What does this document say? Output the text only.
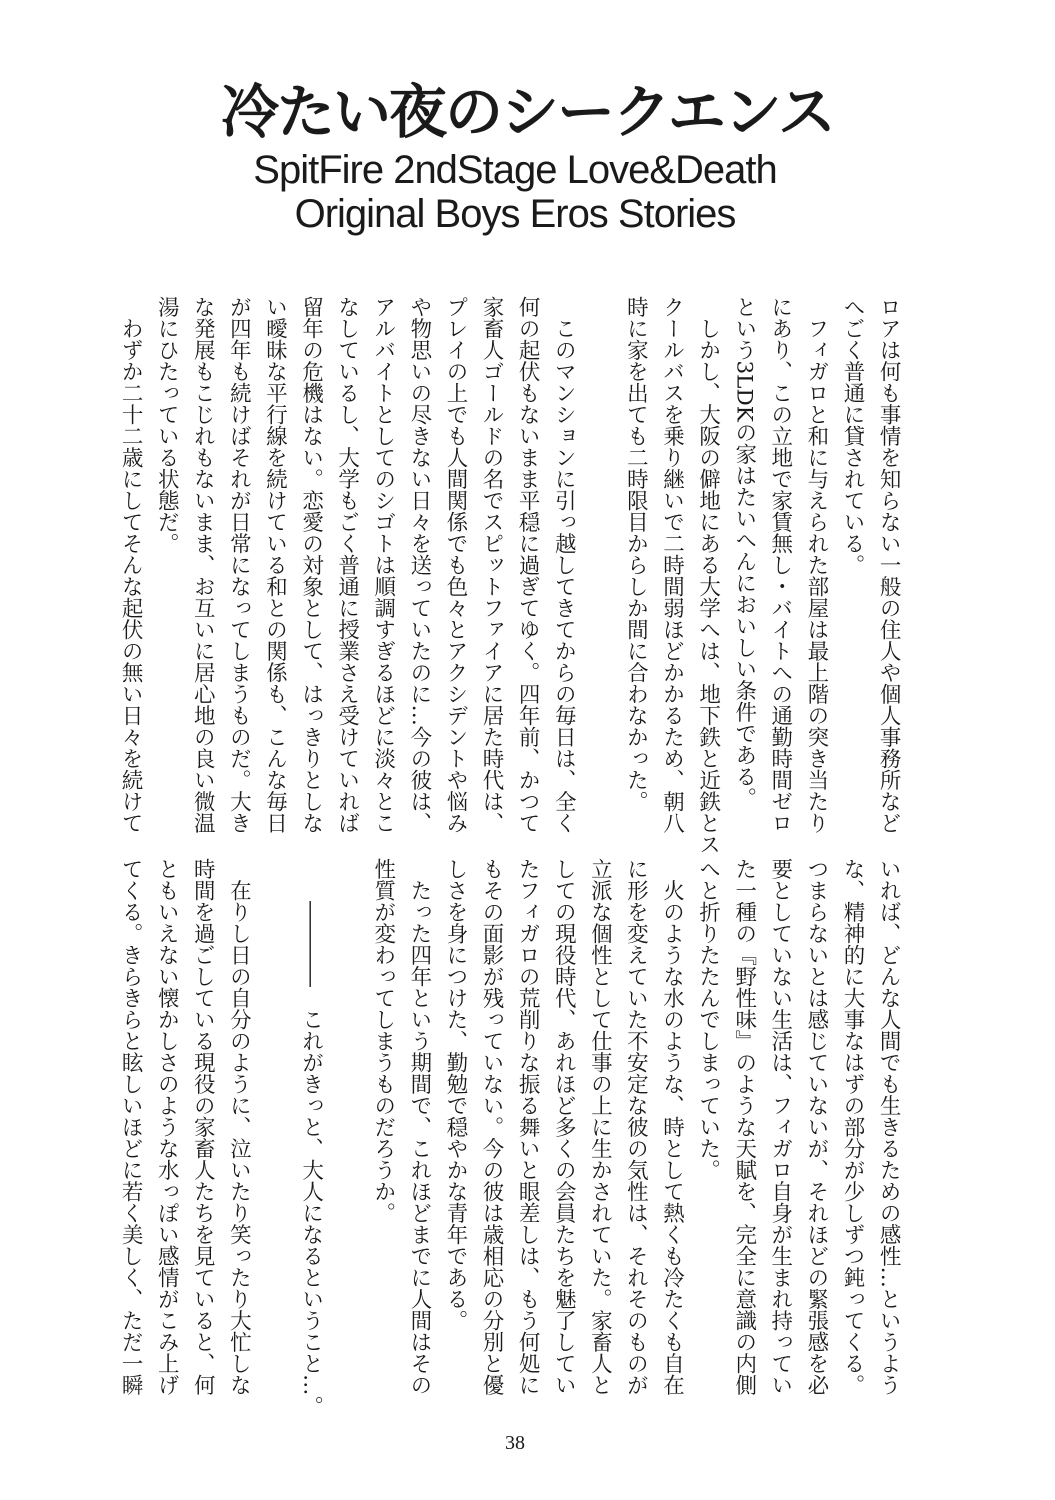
冷たい夜のシークエンス
SpitFire 2ndStage Love&Death
Original Boys Eros Stories
ロアは何も事情を知らない一般の住人や個人事務所など
へごく普通に貸されている。
　フィガロと和に与えられた部屋は最上階の突き当たり
にあり、この立地で家賃無し・バイトへの通勤時間ゼロ
という3LDKの家はたいへんにおいしい条件である。
　しかし、大阪の僻地にある大学へは、地下鉄と近鉄とス
クールバスを乗り継いで二時間弱ほどかかるため、朝八
時に家を出ても二時限目からしか間に合わなかった。
　このマンションに引っ越してきてからの毎日は、全く
何の起伏もないまま平穏に過ぎてゆく。四年前、かつて
家畜人ゴールドの名でスピットファイアに居た時代は、
プレイの上でも人間関係でも色々とアクシデントや悩み
や物思いの尽きない日々を送っていたのに…今の彼は、
アルバイトとしてのシゴトは順調すぎるほどに淡々とこ
なしているし、大学もごく普通に授業さえ受けていれば
留年の危機はない。恋愛の対象として、はっきりとしな
い曖昧な平行線を続けている和との関係も、こんな毎日
が四年も続けばそれが日常になってしまうものだ。大き
な発展もこじれもないまま、お互いに居心地の良い微温
湯にひたっている状態だ。
　わずか二十二歳にしてそんな起伏の無い日々を続けて
いれば、どんな人間でも生きるための感性…というよう
な、精神的に大事なはずの部分が少しずつ鈍ってくる。
つまらないとは感じていないが、それほどの緊張感を必
要としていない生活は、フィガロ自身が生まれ持ってい
た一種の『野性味』のような天賦を、完全に意識の内側
へと折りたたんでしまっていた。
　火のような水のような、時として熱くも冷たくも自在
に形を変えていた不安定な彼の気性は、それそのものが
立派な個性として仕事の上に生かされていた。家畜人と
しての現役時代、あれほど多くの会員たちを魅了してい
たフィガロの荒削りな振る舞いと眼差しは、もう何処に
もその面影が残っていない。今の彼は歳相応の分別と優
しさを身につけた、勤勉で穏やかな青年である。
　たった四年という期間で、これほどまでに人間はその
性質が変わってしまうものだろうか。
　　――――　これがきっと、大人になるということ…。
　在りし日の自分のように、泣いたり笑ったり大忙しな
時間を過ごしている現役の家畜人たちを見ていると、何
ともいえない懐かしさのような水っぽい感情がこみ上げ
てくる。きらきらと眩しいほどに若く美しく、ただ一瞬
38
